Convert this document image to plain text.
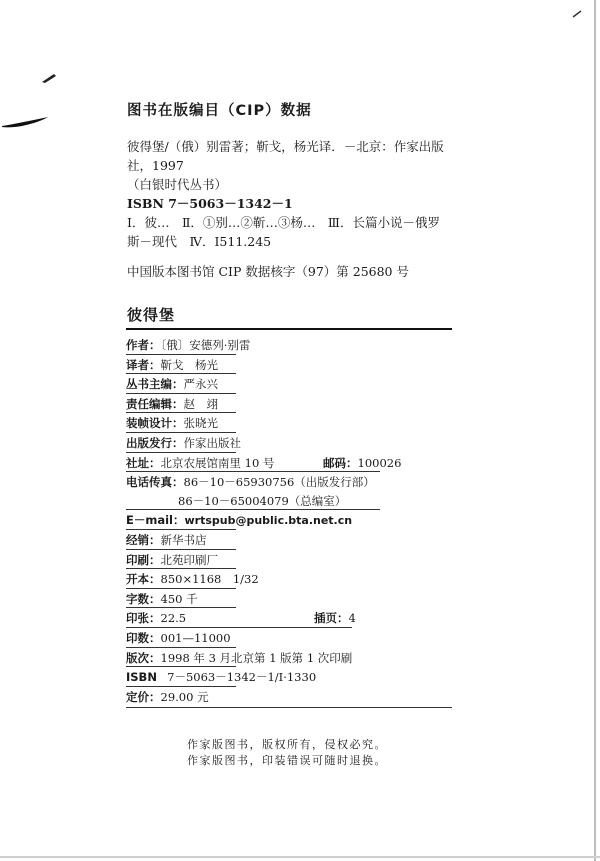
图书在版编目（CIP）数据
彼得堡/（俄）别雷著；靳戈，杨光译．－北京：作家出版
社，1997
（白银时代丛书）
ISBN 7－5063－1342－1
Ⅰ．彼…　Ⅱ．①别…②靳…③杨…　Ⅲ．长篇小说－俄罗
斯－现代　Ⅳ．I511.245
中国版本图书馆 CIP 数据核字（97）第 25680 号
彼得堡
作者：〔俄〕安德列·别雷
译者：靳戈　杨光
丛书主编：严永兴
责任编辑：赵　翊
装帧设计：张晓光
出版发行：作家出版社
社址：北京农展馆南里 10 号	邮码：100026
电话传真：86－10－65930756（出版发行部）
86－10－65004079（总编室）
E－mail：wrtspub@public.bta.net.cn
经销：新华书店
印刷：北苑印刷厂
开本：850×1168　1/32
字数：450 千
印张：22.5	插页：4
印数：001—11000
版次：1998 年 3 月北京第 1 版第 1 次印刷
ISBN 7－5063－1342－1/I·1330
定价：29.00 元
作家版图书，版权所有，侵权必究。
作家版图书，印装错误可随时退换。
